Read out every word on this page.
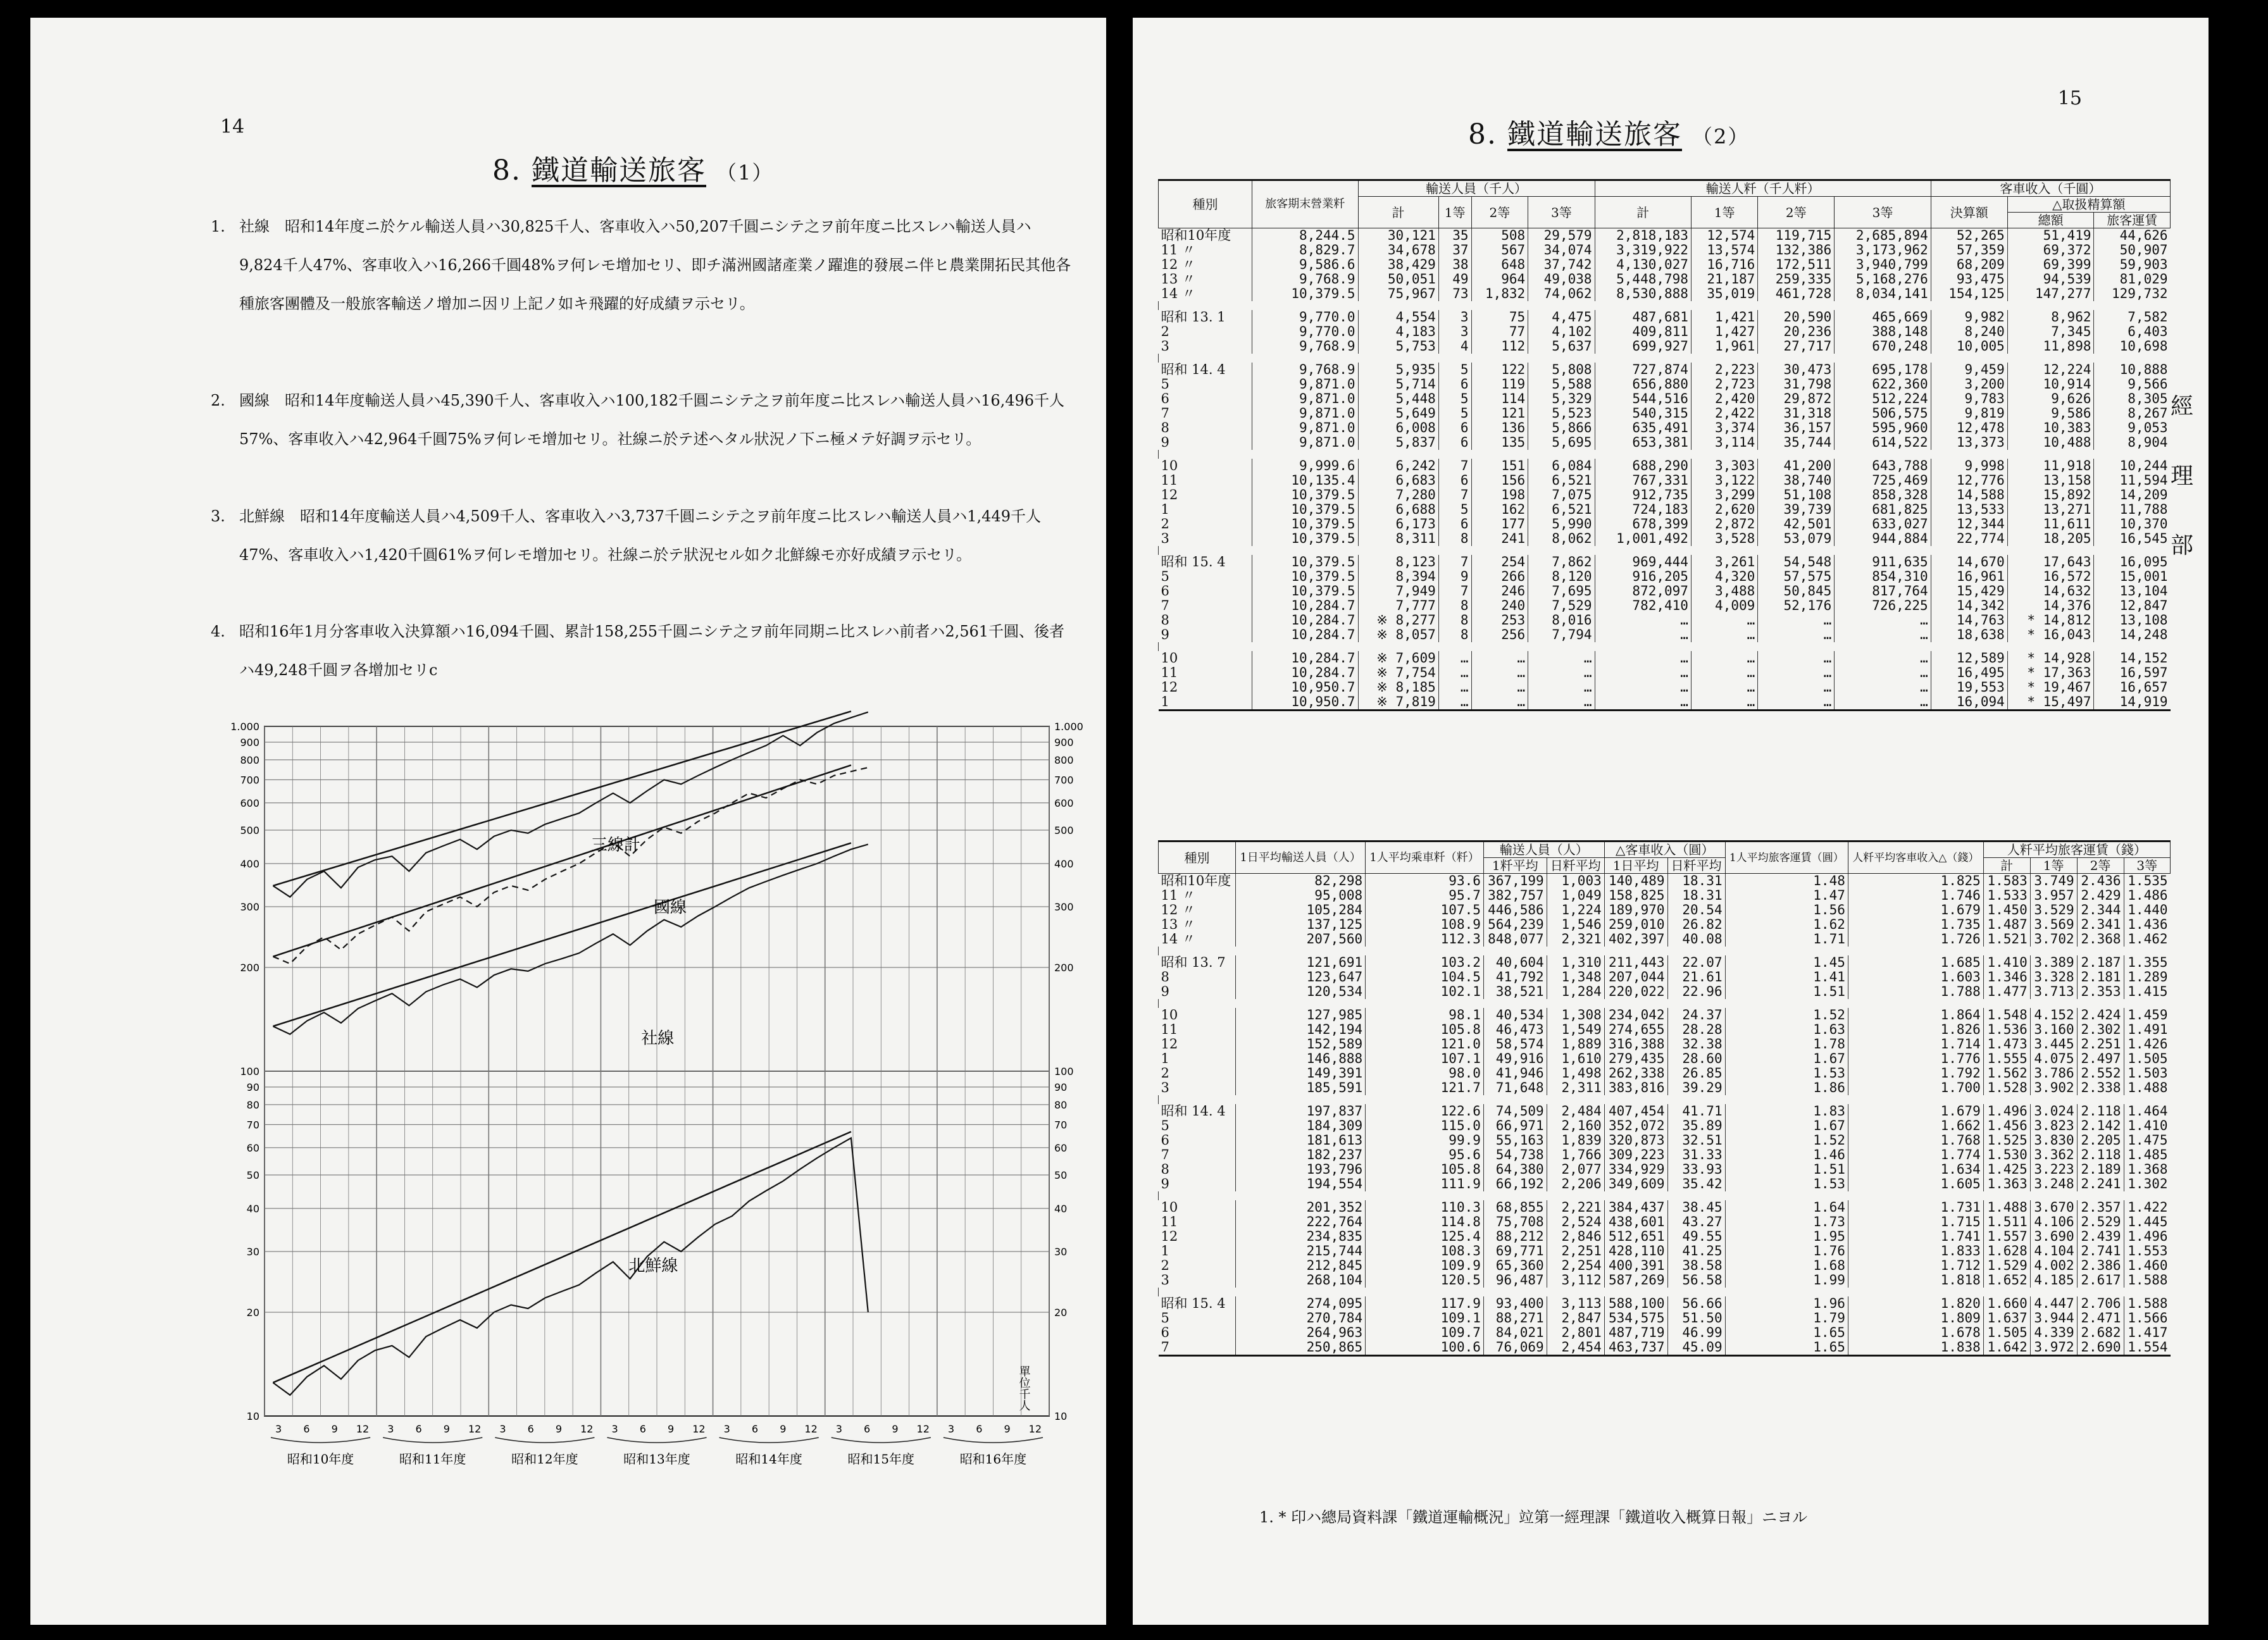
14
8. 鐵道輸送旅客 （1）
1. 社線　昭和14年度ニ於ケル輸送人員ハ30,825千人、客車收入ハ50,207千圓ニシテ之ヲ前年度ニ比スレハ輸送人員ハ9,824千人47%、客車收入ハ16,266千圓48%ヲ何レモ增加セリ、即チ滿洲國諸產業ノ躍進的發展ニ伴ヒ農業開拓民其他各種旅客團體及一般旅客輸送ノ增加ニ因リ上記ノ如キ飛躍的好成績ヲ示セリ。
2. 國線　昭和14年度輸送人員ハ45,390千人、客車收入ハ100,182千圓ニシテ之ヲ前年度ニ比スレハ輸送人員ハ16,496千人57%、客車收入ハ42,964千圓75%ヲ何レモ增加セリ。社線ニ於テ述ヘタル狀況ノ下ニ極メテ好調ヲ示セリ。
3. 北鮮線　昭和14年度輸送人員ハ4,509千人、客車收入ハ3,737千圓ニシテ之ヲ前年度ニ比スレハ輸送人員ハ1,449千人47%、客車收入ハ1,420千圓61%ヲ何レモ增加セリ。社線ニ於テ狀況セル如ク北鮮線モ亦好成績ヲ示セリ。
4. 昭和16年1月分客車收入決算額ハ16,094千圓、累計158,255千圓ニシテ之ヲ前年同期ニ比スレハ前者ハ2,561千圓、後者ハ49,248千圓ヲ各增加セリc
1.000	1.000
900	900
800	800
700	700
600	600
500	500
400	400
300	300
200	200
100	100
90	90
80	80
70	70
60	60
50	50
40	40
30	30
20	20
10	10
3 6 9 12 3 6 9 12 3 6 9 12 3 6 9 12 3 6 9 12 3 6 9 12 3 6 9 12
昭和10年度	昭和11年度	昭和12年度	昭和13年度	昭和14年度	昭和15年度	昭和16年度
三線計
國線
社線
北鮮線
單位千人
15
8. 鐵道輸送旅客 （2）
經
理
部
種別	旅客期末營業粁	輸送人員（千人）				輸送人粁（千人粁）				客車收入（千圓）		
		計	1等	2等	3等	計	1等	2等	3等	決算額	△取扱精算額	
											總額	旅客運賃
昭和10年度	8,244.5	30,121	35	508	29,579	2,818,183	12,574	119,715	2,685,894	52,265	51,419	44,626
11 〃	8,829.7	34,678	37	567	34,074	3,319,922	13,574	132,386	3,173,962	57,359	69,372	50,907
12 〃	9,586.6	38,429	38	648	37,742	4,130,027	16,716	172,511	3,940,799	68,209	69,399	59,903
13 〃	9,768.9	50,051	49	964	49,038	5,448,798	21,187	259,335	5,168,276	93,475	94,539	81,029
14 〃	10,379.5	75,967	73	1,832	74,062	8,530,888	35,019	461,728	8,034,141	154,125	147,277	129,732

昭和 13. 1	9,770.0	4,554	3	75	4,475	487,681	1,421	20,590	465,669	9,982	8,962	7,582
2	9,770.0	4,183	3	77	4,102	409,811	1,427	20,236	388,148	8,240	7,345	6,403
3	9,768.9	5,753	4	112	5,637	699,927	1,961	27,717	670,248	10,005	11,898	10,698

昭和 14. 4	9,768.9	5,935	5	122	5,808	727,874	2,223	30,473	695,178	9,459	12,224	10,888
5	9,871.0	5,714	6	119	5,588	656,880	2,723	31,798	622,360	3,200	10,914	9,566
6	9,871.0	5,448	5	114	5,329	544,516	2,420	29,872	512,224	9,783	9,626	8,305
7	9,871.0	5,649	5	121	5,523	540,315	2,422	31,318	506,575	9,819	9,586	8,267
8	9,871.0	6,008	6	136	5,866	635,491	3,374	36,157	595,960	12,478	10,383	9,053
9	9,871.0	5,837	6	135	5,695	653,381	3,114	35,744	614,522	13,373	10,488	8,904

10	9,999.6	6,242	7	151	6,084	688,290	3,303	41,200	643,788	9,998	11,918	10,244
11	10,135.4	6,683	6	156	6,521	767,331	3,122	38,740	725,469	12,776	13,158	11,594
12	10,379.5	7,280	7	198	7,075	912,735	3,299	51,108	858,328	14,588	15,892	14,209
1	10,379.5	6,688	5	162	6,521	724,183	2,620	39,739	681,825	13,533	13,271	11,788
2	10,379.5	6,173	6	177	5,990	678,399	2,872	42,501	633,027	12,344	11,611	10,370
3	10,379.5	8,311	8	241	8,062	1,001,492	3,528	53,079	944,884	22,774	18,205	16,545

昭和 15. 4	10,379.5	8,123	7	254	7,862	969,444	3,261	54,548	911,635	14,670	17,643	16,095
5	10,379.5	8,394	9	266	8,120	916,205	4,320	57,575	854,310	16,961	16,572	15,001
6	10,379.5	7,949	7	246	7,695	872,097	3,488	50,845	817,764	15,429	14,632	13,104
7	10,284.7	7,777	8	240	7,529	782,410	4,009	52,176	726,225	14,342	14,376	12,847
8	10,284.7	※ 8,277	8	253	8,016	…	…	…	…	14,763	* 14,812	13,108
9	10,284.7	※ 8,057	8	256	7,794	…	…	…	…	18,638	* 16,043	14,248

10	10,284.7	※ 7,609	…	…	…	…	…	…	…	12,589	* 14,928	14,152
11	10,284.7	※ 7,754	…	…	…	…	…	…	…	16,495	* 17,363	16,597
12	10,950.7	※ 8,185	…	…	…	…	…	…	…	19,553	* 19,467	16,657
1	10,950.7	※ 7,819	…	…	…	…	…	…	…	16,094	* 15,497	14,919
種別	1日平均輸送人員（人）	1人平均乘車粁（粁）	輸送人員（人）		△客車收入（圓）		1人平均旅客運賃（圓）	人粁平均客車收入△（錢）	人粁平均旅客運賃（錢）			
			1粁平均	日粁平均	1日平均	日粁平均			計	1等	2等	3等
昭和10年度	82,298	93.6	367,199	1,003	140,489	18.31	1.48	1.825	1.583	3.749	2.436	1.535
11 〃	95,008	95.7	382,757	1,049	158,825	18.31	1.47	1.746	1.533	3.957	2.429	1.486
12 〃	105,284	107.5	446,586	1,224	189,970	20.54	1.56	1.679	1.450	3.529	2.344	1.440
13 〃	137,125	108.9	564,239	1,546	259,010	26.82	1.62	1.735	1.487	3.569	2.341	1.436
14 〃	207,560	112.3	848,077	2,321	402,397	40.08	1.71	1.726	1.521	3.702	2.368	1.462

昭和 13. 7	121,691	103.2	40,604	1,310	211,443	22.07	1.45	1.685	1.410	3.389	2.187	1.355
8	123,647	104.5	41,792	1,348	207,044	21.61	1.41	1.603	1.346	3.328	2.181	1.289
9	120,534	102.1	38,521	1,284	220,022	22.96	1.51	1.788	1.477	3.713	2.353	1.415

10	127,985	98.1	40,534	1,308	234,042	24.37	1.52	1.864	1.548	4.152	2.424	1.459
11	142,194	105.8	46,473	1,549	274,655	28.28	1.63	1.826	1.536	3.160	2.302	1.491
12	152,589	121.0	58,574	1,889	316,388	32.38	1.78	1.714	1.473	3.445	2.251	1.426
1	146,888	107.1	49,916	1,610	279,435	28.60	1.67	1.776	1.555	4.075	2.497	1.505
2	149,391	98.0	41,946	1,498	262,338	26.85	1.53	1.792	1.562	3.786	2.552	1.503
3	185,591	121.7	71,648	2,311	383,816	39.29	1.86	1.700	1.528	3.902	2.338	1.488

昭和 14. 4	197,837	122.6	74,509	2,484	407,454	41.71	1.83	1.679	1.496	3.024	2.118	1.464
5	184,309	115.0	66,971	2,160	352,072	35.89	1.67	1.662	1.456	3.823	2.142	1.410
6	181,613	99.9	55,163	1,839	320,873	32.51	1.52	1.768	1.525	3.830	2.205	1.475
7	182,237	95.6	54,738	1,766	309,223	31.33	1.46	1.774	1.530	3.362	2.118	1.485
8	193,796	105.8	64,380	2,077	334,929	33.93	1.51	1.634	1.425	3.223	2.189	1.368
9	194,554	111.9	66,192	2,206	349,609	35.42	1.53	1.605	1.363	3.248	2.241	1.302

10	201,352	110.3	68,855	2,221	384,437	38.45	1.64	1.731	1.488	3.670	2.357	1.422
11	222,764	114.8	75,708	2,524	438,601	43.27	1.73	1.715	1.511	4.106	2.529	1.445
12	234,835	125.4	88,212	2,846	512,651	49.55	1.95	1.741	1.557	3.690	2.439	1.496
1	215,744	108.3	69,771	2,251	428,110	41.25	1.76	1.833	1.628	4.104	2.741	1.553
2	212,845	109.9	65,360	2,254	400,391	38.58	1.68	1.712	1.529	4.002	2.386	1.460
3	268,104	120.5	96,487	3,112	587,269	56.58	1.99	1.818	1.652	4.185	2.617	1.588

昭和 15. 4	274,095	117.9	93,400	3,113	588,100	56.66	1.96	1.820	1.660	4.447	2.706	1.588
5	270,784	109.1	88,271	2,847	534,575	51.50	1.79	1.809	1.637	3.944	2.471	1.566
6	264,963	109.7	84,021	2,801	487,719	46.99	1.65	1.678	1.505	4.339	2.682	1.417
7	250,865	100.6	76,069	2,454	463,737	45.09	1.65	1.838	1.642	3.972	2.690	1.554
1. * 印ハ總局資料課「鐵道運輸概況」竝第一經理課「鐵道收入概算日報」ニヨル
